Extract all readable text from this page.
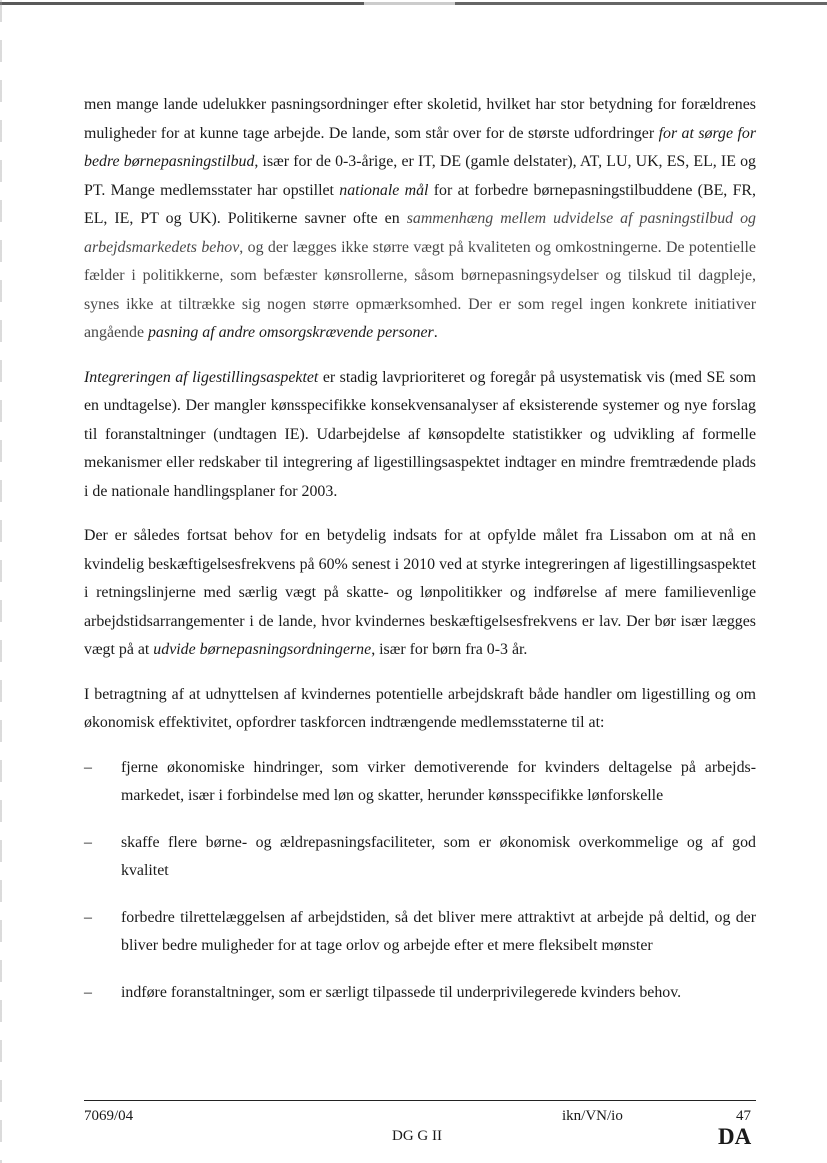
men mange lande udelukker pasningsordninger efter skoletid, hvilket har stor betydning for forældrenes muligheder for at kunne tage arbejde. De lande, som står over for de største udfordringer for at sørge for bedre børnepasningstilbud, især for de 0-3-årige, er IT, DE (gamle delstater), AT, LU, UK, ES, EL, IE og PT. Mange medlemsstater har opstillet nationale mål for at forbedre børnepasningstilbuddene (BE, FR, EL, IE, PT og UK). Politikerne savner ofte en sammenhæng mellem udvidelse af pasningstilbud og arbejdsmarkedets behov, og der lægges ikke større vægt på kvaliteten og omkostningerne. De potentielle fælder i politikkerne, som befæster kønsrollerne, såsom børnepasningsydelser og tilskud til dagpleje, synes ikke at tiltrække sig nogen større opmærksomhed. Der er som regel ingen konkrete initiativer angående pasning af andre omsorgskrævende personer.

Integreringen af ligestillingsaspektet er stadig lavprioriteret og foregår på usystematisk vis (med SE som en undtagelse). Der mangler kønsspecifikke konsekvensanalyser af eksisterende systemer og nye forslag til foranstaltninger (undtagen IE). Udarbejdelse af kønsopdelte statistikker og udvikling af formelle mekanismer eller redskaber til integrering af ligestillingsaspektet indtager en mindre fremtrædende plads i de nationale handlingsplaner for 2003.

Der er således fortsat behov for en betydelig indsats for at opfylde målet fra Lissabon om at nå en kvindelig beskæftigelsesfrekvens på 60% senest i 2010 ved at styrke integreringen af ligestillingsaspektet i retningslinjerne med særlig vægt på skatte- og lønpolitikker og indførelse af mere familievenlige arbejdstidsarrangementer i de lande, hvor kvindernes beskæftigelsesfrekvens er lav. Der bør især lægges vægt på at udvide børnepasningsordningerne, især for børn fra 0-3 år.

I betragtning af at udnyttelsen af kvindernes potentielle arbejdskraft både handler om ligestilling og om økonomisk effektivitet, opfordrer taskforcen indtrængende medlemsstaterne til at:

–	fjerne økonomiske hindringer, som virker demotiverende for kvinders deltagelse på arbejdsmarkedet, især i forbindelse med løn og skatter, herunder kønsspecifikke lønforskelle
–	skaffe flere børne- og ældrepasningsfaciliteter, som er økonomisk overkommelige og af god kvalitet
–	forbedre tilrettelæggelsen af arbejdstiden, så det bliver mere attraktivt at arbejde på deltid, og der bliver bedre muligheder for at tage orlov og arbejde efter et mere fleksibelt mønster
–	indføre foranstaltninger, som er særligt tilpassede til underprivilegerede kvinders behov.
7069/04
DG G II
ikn/VN/io	47
DA
